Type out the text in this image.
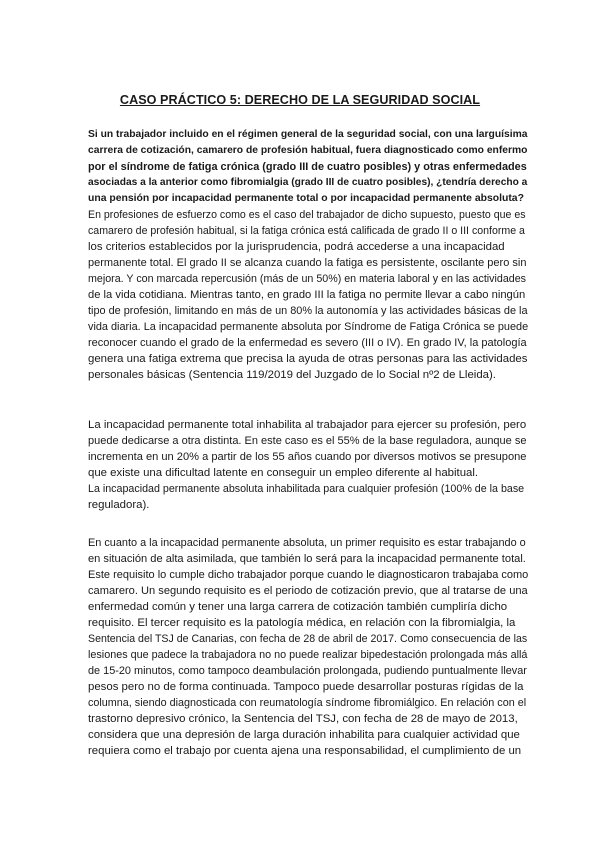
CASO PRÁCTICO 5: DERECHO DE LA SEGURIDAD SOCIAL
Si un trabajador incluido en el régimen general de la seguridad social, con una larguísima
carrera de cotización, camarero de profesión habitual, fuera diagnosticado como enfermo
por el síndrome de fatiga crónica (grado III de cuatro posibles) y otras enfermedades
asociadas a la anterior como fibromialgia (grado III de cuatro posibles), ¿tendría derecho a
una pensión por incapacidad permanente total o por incapacidad permanente absoluta?
En profesiones de esfuerzo como es el caso del trabajador de dicho supuesto, puesto que es
camarero de profesión habitual, si la fatiga crónica está calificada de grado II o III conforme a
los criterios establecidos por la jurisprudencia, podrá accederse a una incapacidad
permanente total. El grado II se alcanza cuando la fatiga es persistente, oscilante pero sin
mejora. Y con marcada repercusión (más de un 50%) en materia laboral y en las actividades
de la vida cotidiana. Mientras tanto, en grado III la fatiga no permite llevar a cabo ningún
tipo de profesión, limitando en más de un 80% la autonomía y las actividades básicas de la
vida diaria. La incapacidad permanente absoluta por Síndrome de Fatiga Crónica se puede
reconocer cuando el grado de la enfermedad es severo (III o IV). En grado IV, la patología
genera una fatiga extrema que precisa la ayuda de otras personas para las actividades
personales básicas (Sentencia 119/2019 del Juzgado de lo Social nº2 de Lleida).
La incapacidad permanente total inhabilita al trabajador para ejercer su profesión, pero
puede dedicarse a otra distinta. En este caso es el 55% de la base reguladora, aunque se
incrementa en un 20% a partir de los 55 años cuando por diversos motivos se presupone
que existe una dificultad latente en conseguir un empleo diferente al habitual.
La incapacidad permanente absoluta inhabilitada para cualquier profesión (100% de la base
reguladora).
En cuanto a la incapacidad permanente absoluta, un primer requisito es estar trabajando o
en situación de alta asimilada, que también lo será para la incapacidad permanente total.
Este requisito lo cumple dicho trabajador porque cuando le diagnosticaron trabajaba como
camarero. Un segundo requisito es el periodo de cotización previo, que al tratarse de una
enfermedad común y tener una larga carrera de cotización también cumpliría dicho
requisito. El tercer requisito es la patología médica, en relación con la fibromialgia, la
Sentencia del TSJ de Canarias, con fecha de 28 de abril de 2017. Como consecuencia de las
lesiones que padece la trabajadora no no puede realizar bipedestación prolongada más allá
de 15-20 minutos, como tampoco deambulación prolongada, pudiendo puntualmente llevar
pesos pero no de forma continuada. Tampoco puede desarrollar posturas rígidas de la
columna, siendo diagnosticada con reumatología síndrome fibromiálgico. En relación con el
trastorno depresivo crónico, la Sentencia del TSJ, con fecha de 28 de mayo de 2013,
considera que una depresión de larga duración inhabilita para cualquier actividad que
requiera como el trabajo por cuenta ajena una responsabilidad, el cumplimiento de un
